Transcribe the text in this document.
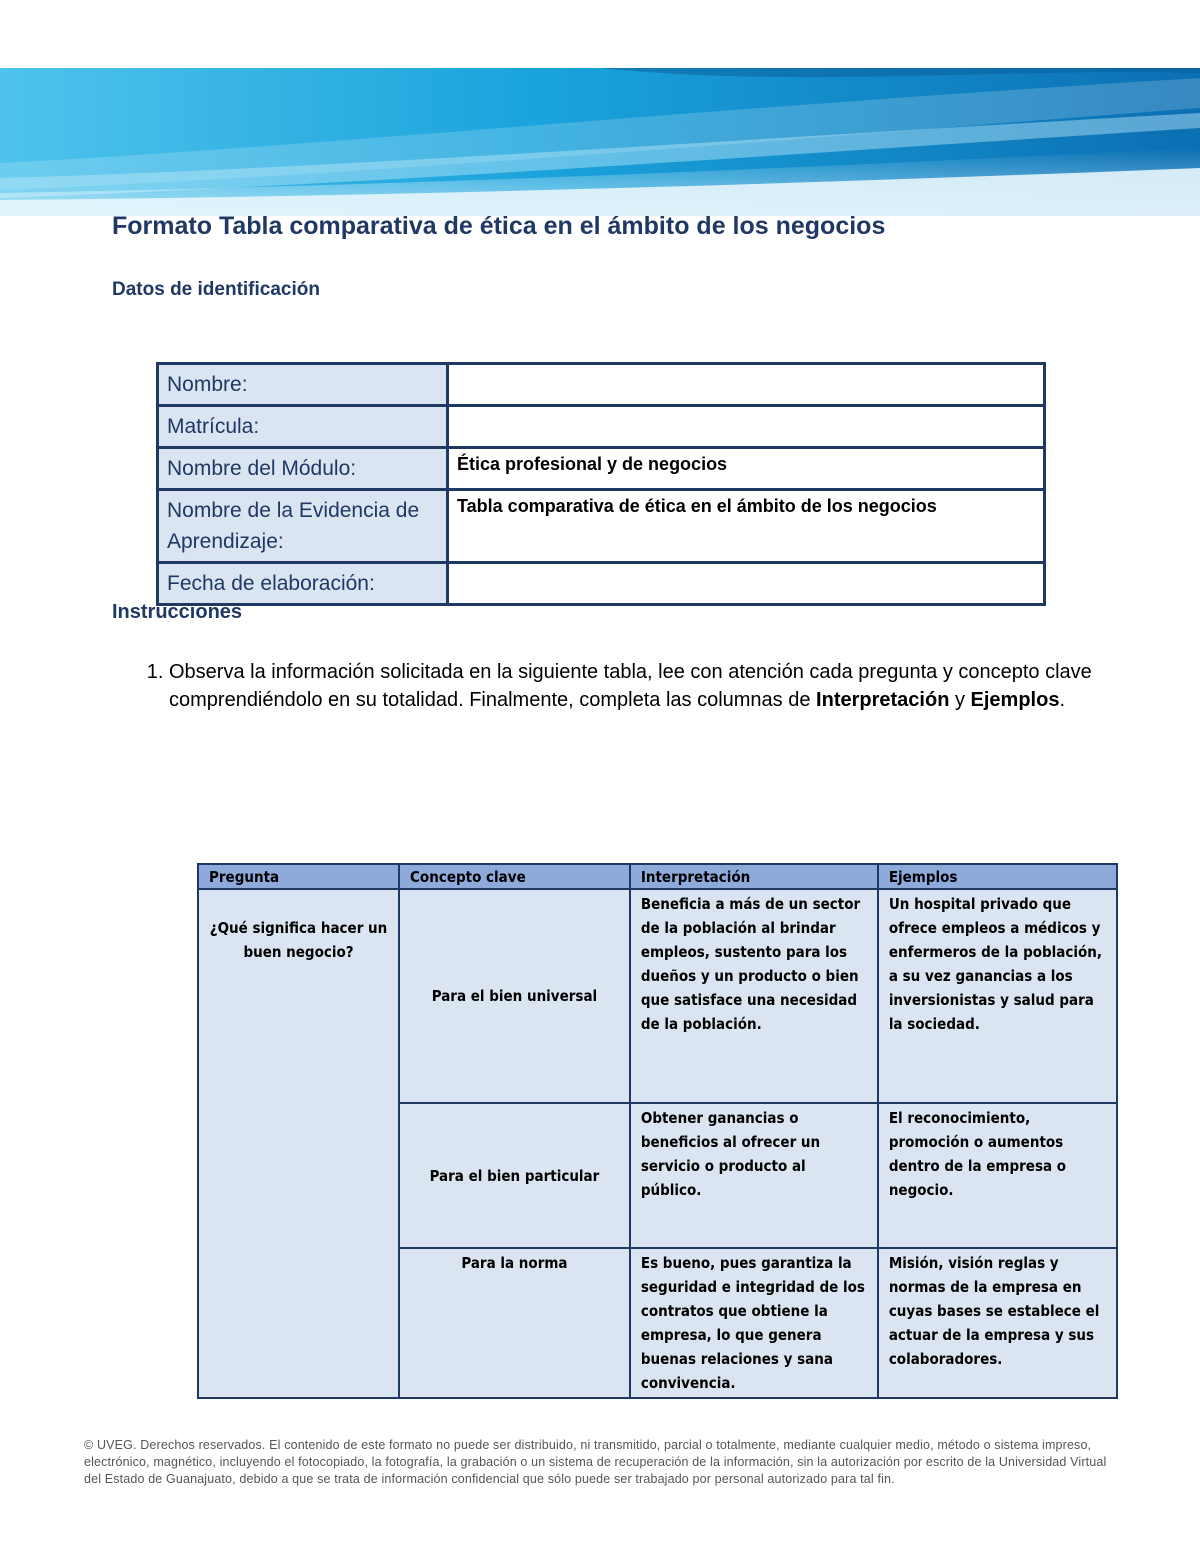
Formato Tabla comparativa de ética en el ámbito de los negocios
Datos de identificación
Nombre:	
Matrícula:	
Nombre del Módulo:	Ética profesional y de negocios
Nombre de la Evidencia de Aprendizaje:	Tabla comparativa de ética en el ámbito de los negocios
Fecha de elaboración:	
Instrucciones
1. Observa la información solicitada en la siguiente tabla, lee con atención cada pregunta y concepto clave comprendiéndolo en su totalidad. Finalmente, completa las columnas de Interpretación y Ejemplos.
Pregunta	Concepto clave	Interpretación	Ejemplos
¿Qué significa hacer un buen negocio?	Para el bien universal	Beneficia a más de un sector de la población al brindar empleos, sustento para los dueños y un producto o bien que satisface una necesidad de la población.	Un hospital privado que ofrece empleos a médicos y enfermeros de la población, a su vez ganancias a los inversionistas y salud para la sociedad.
	Para el bien particular	Obtener ganancias o beneficios al ofrecer un servicio o producto al público.	El reconocimiento, promoción o aumentos dentro de la empresa o negocio.
	Para la norma	Es bueno, pues garantiza la seguridad e integridad de los contratos que obtiene la empresa, lo que genera buenas relaciones y sana convivencia.	Misión, visión reglas y normas de la empresa en cuyas bases se establece el actuar de la empresa y sus colaboradores.

© UVEG. Derechos reservados. El contenido de este formato no puede ser distribuido, ni transmitido, parcial o totalmente, mediante cualquier medio, método o sistema impreso, electrónico, magnético, incluyendo el fotocopiado, la fotografía, la grabación o un sistema de recuperación de la información, sin la autorización por escrito de la Universidad Virtual del Estado de Guanajuato, debido a que se trata de información confidencial que sólo puede ser trabajado por personal autorizado para tal fin.
